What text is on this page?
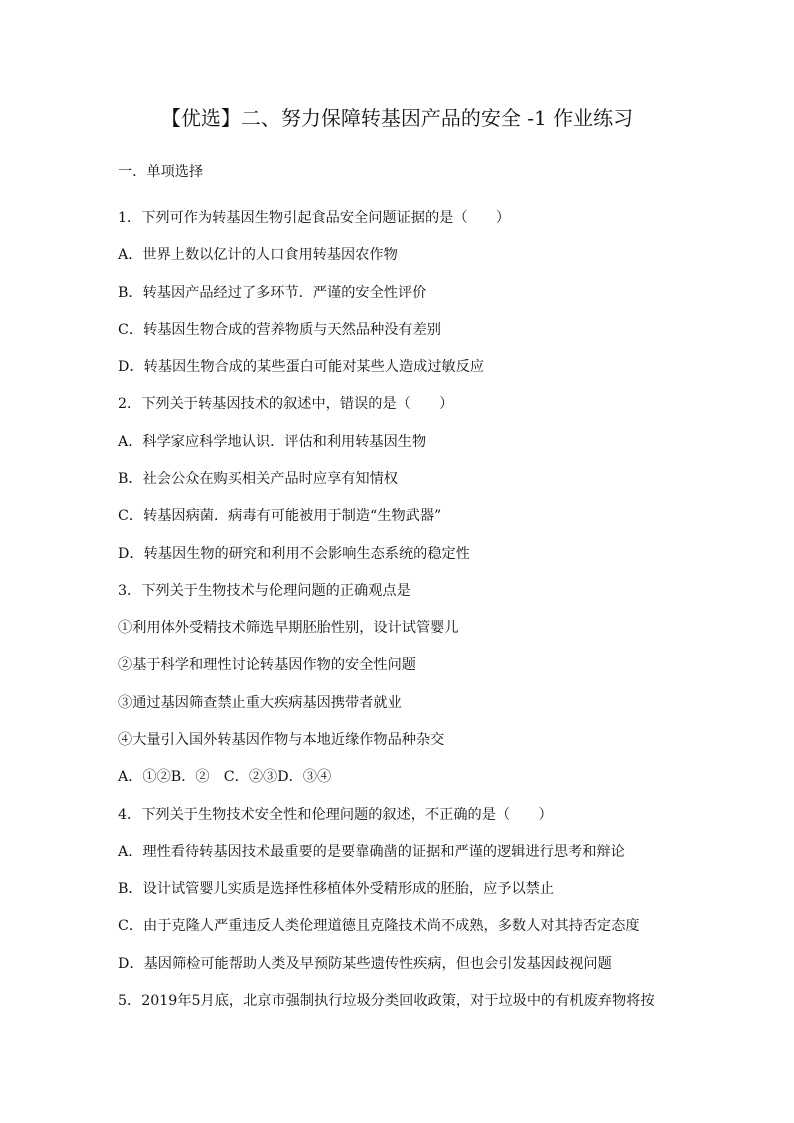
【优选】二、努力保障转基因产品的安全 -1 作业练习
一．单项选择
1．下列可作为转基因生物引起食品安全问题证据的是（　　）
A．世界上数以亿计的人口食用转基因农作物
B．转基因产品经过了多环节．严谨的安全性评价
C．转基因生物合成的营养物质与天然品种没有差别
D．转基因生物合成的某些蛋白可能对某些人造成过敏反应
2．下列关于转基因技术的叙述中，错误的是（　　）
A．科学家应科学地认识．评估和利用转基因生物
B．社会公众在购买相关产品时应享有知情权
C．转基因病菌．病毒有可能被用于制造“生物武器”
D．转基因生物的研究和利用不会影响生态系统的稳定性
3．下列关于生物技术与伦理问题的正确观点是
①利用体外受精技术筛选早期胚胎性别，设计试管婴儿
②基于科学和理性讨论转基因作物的安全性问题
③通过基因筛查禁止重大疾病基因携带者就业
④大量引入国外转基因作物与本地近缘作物品种杂交
A．①②B．②　C．②③D．③④
4．下列关于生物技术安全性和伦理问题的叙述，不正确的是（　　）
A．理性看待转基因技术最重要的是要靠确凿的证据和严谨的逻辑进行思考和辩论
B．设计试管婴儿实质是选择性移植体外受精形成的胚胎，应予以禁止
C．由于克隆人严重违反人类伦理道德且克隆技术尚不成熟，多数人对其持否定态度
D．基因筛检可能帮助人类及早预防某些遗传性疾病，但也会引发基因歧视问题
5．2019年5月底，北京市强制执行垃圾分类回收政策，对于垃圾中的有机废弃物将按
